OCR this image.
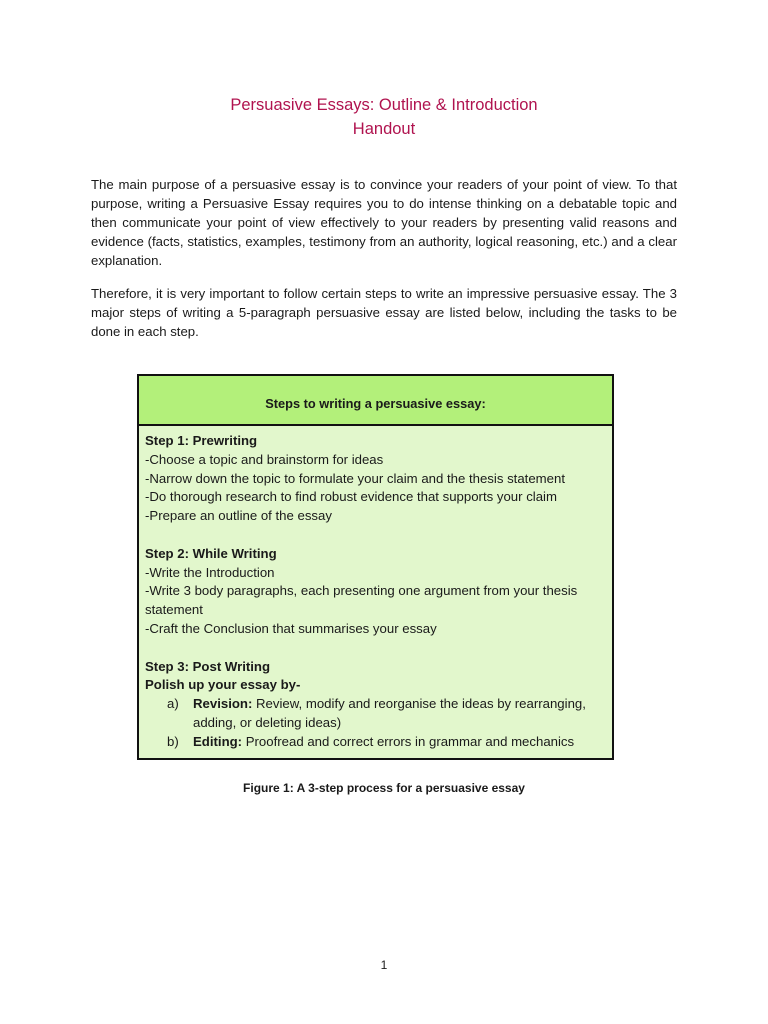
Persuasive Essays: Outline & Introduction
Handout

The main purpose of a persuasive essay is to convince your readers of your point of view. To that purpose, writing a Persuasive Essay requires you to do intense thinking on a debatable topic and then communicate your point of view effectively to your readers by presenting valid reasons and evidence (facts, statistics, examples, testimony from an authority, logical reasoning, etc.) and a clear explanation.

Therefore, it is very important to follow certain steps to write an impressive persuasive essay. The 3 major steps of writing a 5-paragraph persuasive essay are listed below, including the tasks to be done in each step.

Steps to writing a persuasive essay:
Step 1: Prewriting
-Choose a topic and brainstorm for ideas
-Narrow down the topic to formulate your claim and the thesis statement
-Do thorough research to find robust evidence that supports your claim
-Prepare an outline of the essay
Step 2: While Writing
-Write the Introduction
-Write 3 body paragraphs, each presenting one argument from your thesis statement
-Craft the Conclusion that summarises your essay
Step 3: Post Writing
Polish up your essay by-
a)	Revision: Review, modify and reorganise the ideas by rearranging, adding, or deleting ideas)
b)	Editing: Proofread and correct errors in grammar and mechanics
Figure 1: A 3-step process for a persuasive essay
1
